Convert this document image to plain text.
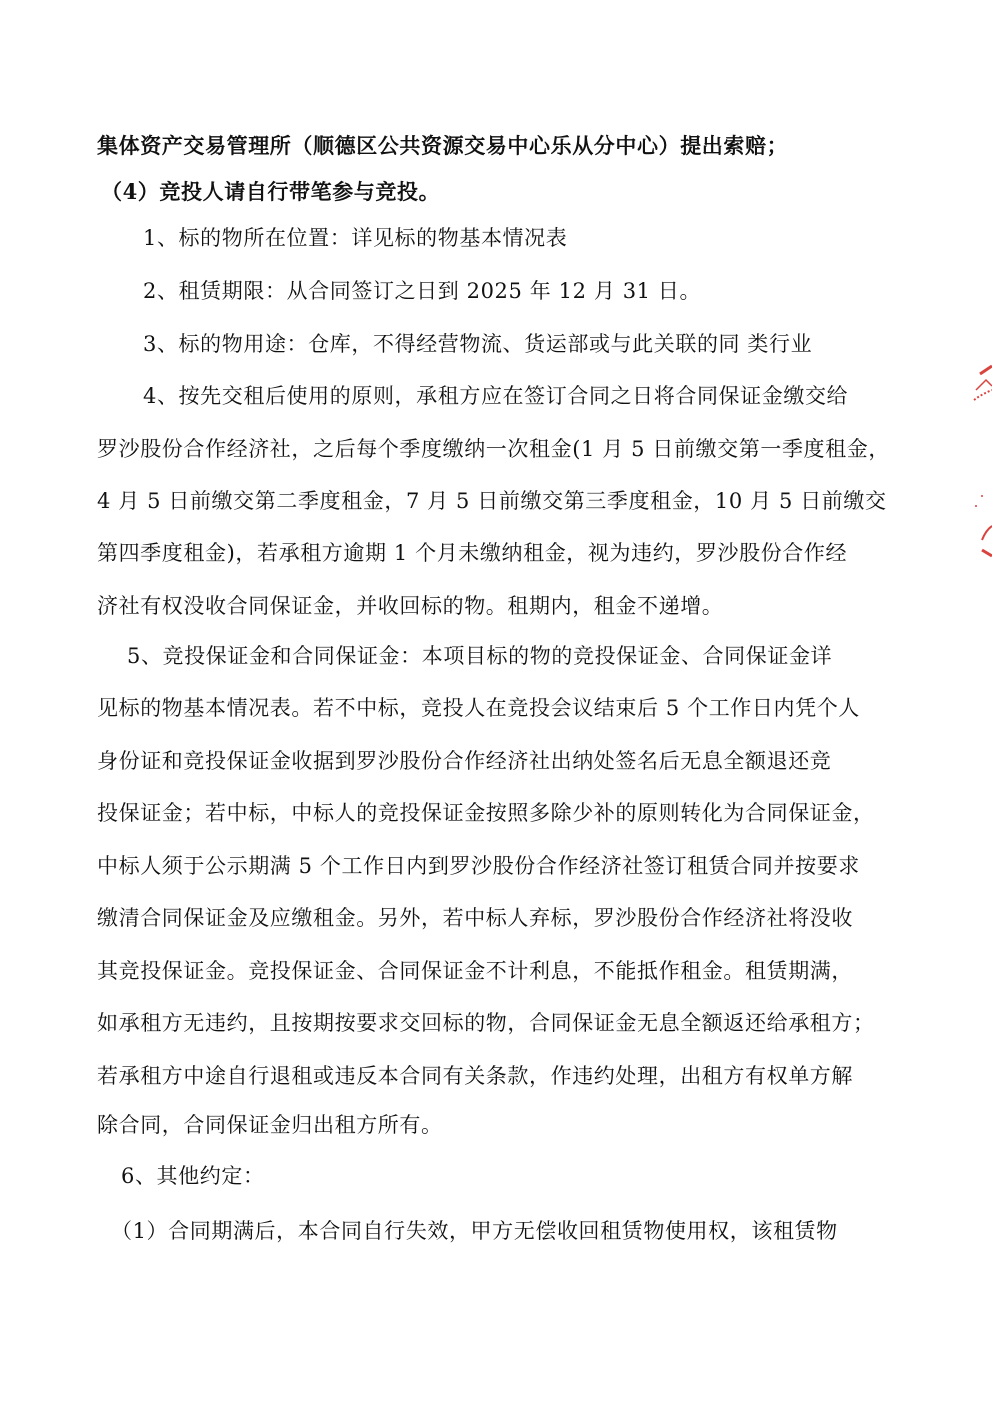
集体资产交易管理所（顺德区公共资源交易中心乐从分中心）提出索赔；
（4）竞投人请自行带笔参与竞投。
1、标的物所在位置：详见标的物基本情况表
2、租赁期限：从合同签订之日到 2025 年 12 月 31 日。
3、标的物用途：仓库，不得经营物流、货运部或与此关联的同 类行业
4、按先交租后使用的原则，承租方应在签订合同之日将合同保证金缴交给
罗沙股份合作经济社，之后每个季度缴纳一次租金(1 月 5 日前缴交第一季度租金，
4 月 5 日前缴交第二季度租金，7 月 5 日前缴交第三季度租金，10 月 5 日前缴交
第四季度租金)，若承租方逾期 1 个月未缴纳租金，视为违约，罗沙股份合作经
济社有权没收合同保证金，并收回标的物。租期内，租金不递增。
5、竞投保证金和合同保证金：本项目标的物的竞投保证金、合同保证金详
见标的物基本情况表。若不中标，竞投人在竞投会议结束后 5 个工作日内凭个人
身份证和竞投保证金收据到罗沙股份合作经济社出纳处签名后无息全额退还竞
投保证金；若中标，中标人的竞投保证金按照多除少补的原则转化为合同保证金，
中标人须于公示期满 5 个工作日内到罗沙股份合作经济社签订租赁合同并按要求
缴清合同保证金及应缴租金。另外，若中标人弃标，罗沙股份合作经济社将没收
其竞投保证金。竞投保证金、合同保证金不计利息，不能抵作租金。租赁期满，
如承租方无违约，且按期按要求交回标的物，合同保证金无息全额返还给承租方；
若承租方中途自行退租或违反本合同有关条款，作违约处理，出租方有权单方解
除合同，合同保证金归出租方所有。
6、其他约定：
（1）合同期满后，本合同自行失效，甲方无偿收回租赁物使用权，该租赁物
